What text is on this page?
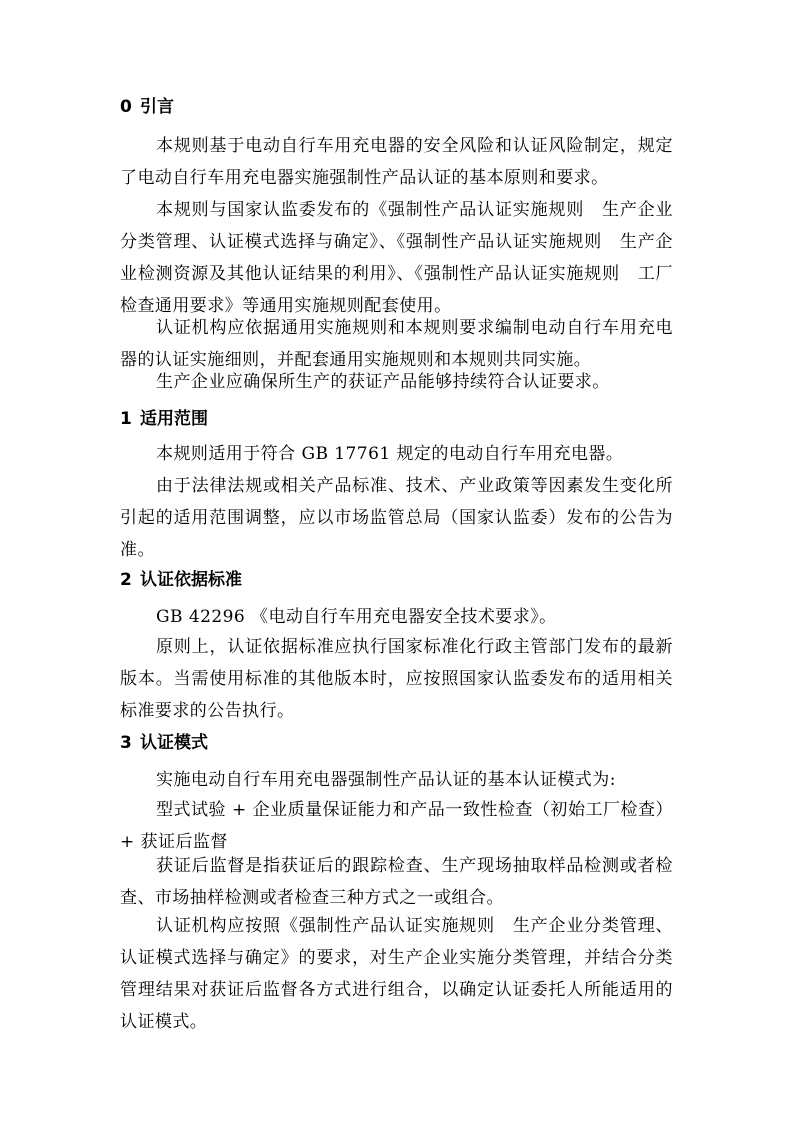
0 引言

本规则基于电动自行车用充电器的安全风险和认证风险制定，规定了电动自行车用充电器实施强制性产品认证的基本原则和要求。

本规则与国家认监委发布的《强制性产品认证实施规则　生产企业分类管理、认证模式选择与确定》、《强制性产品认证实施规则　生产企业检测资源及其他认证结果的利用》、《强制性产品认证实施规则　工厂检查通用要求》等通用实施规则配套使用。

认证机构应依据通用实施规则和本规则要求编制电动自行车用充电器的认证实施细则，并配套通用实施规则和本规则共同实施。

生产企业应确保所生产的获证产品能够持续符合认证要求。

1 适用范围

本规则适用于符合 GB 17761 规定的电动自行车用充电器。

由于法律法规或相关产品标准、技术、产业政策等因素发生变化所引起的适用范围调整，应以市场监管总局（国家认监委）发布的公告为准。

2 认证依据标准

GB 42296 《电动自行车用充电器安全技术要求》。

原则上，认证依据标准应执行国家标准化行政主管部门发布的最新版本。当需使用标准的其他版本时，应按照国家认监委发布的适用相关标准要求的公告执行。

3 认证模式

实施电动自行车用充电器强制性产品认证的基本认证模式为:

型式试验 + 企业质量保证能力和产品一致性检查（初始工厂检查） + 获证后监督

获证后监督是指获证后的跟踪检查、生产现场抽取样品检测或者检查、市场抽样检测或者检查三种方式之一或组合。

认证机构应按照《强制性产品认证实施规则　生产企业分类管理、认证模式选择与确定》的要求，对生产企业实施分类管理，并结合分类管理结果对获证后监督各方式进行组合，以确定认证委托人所能适用的认证模式。
